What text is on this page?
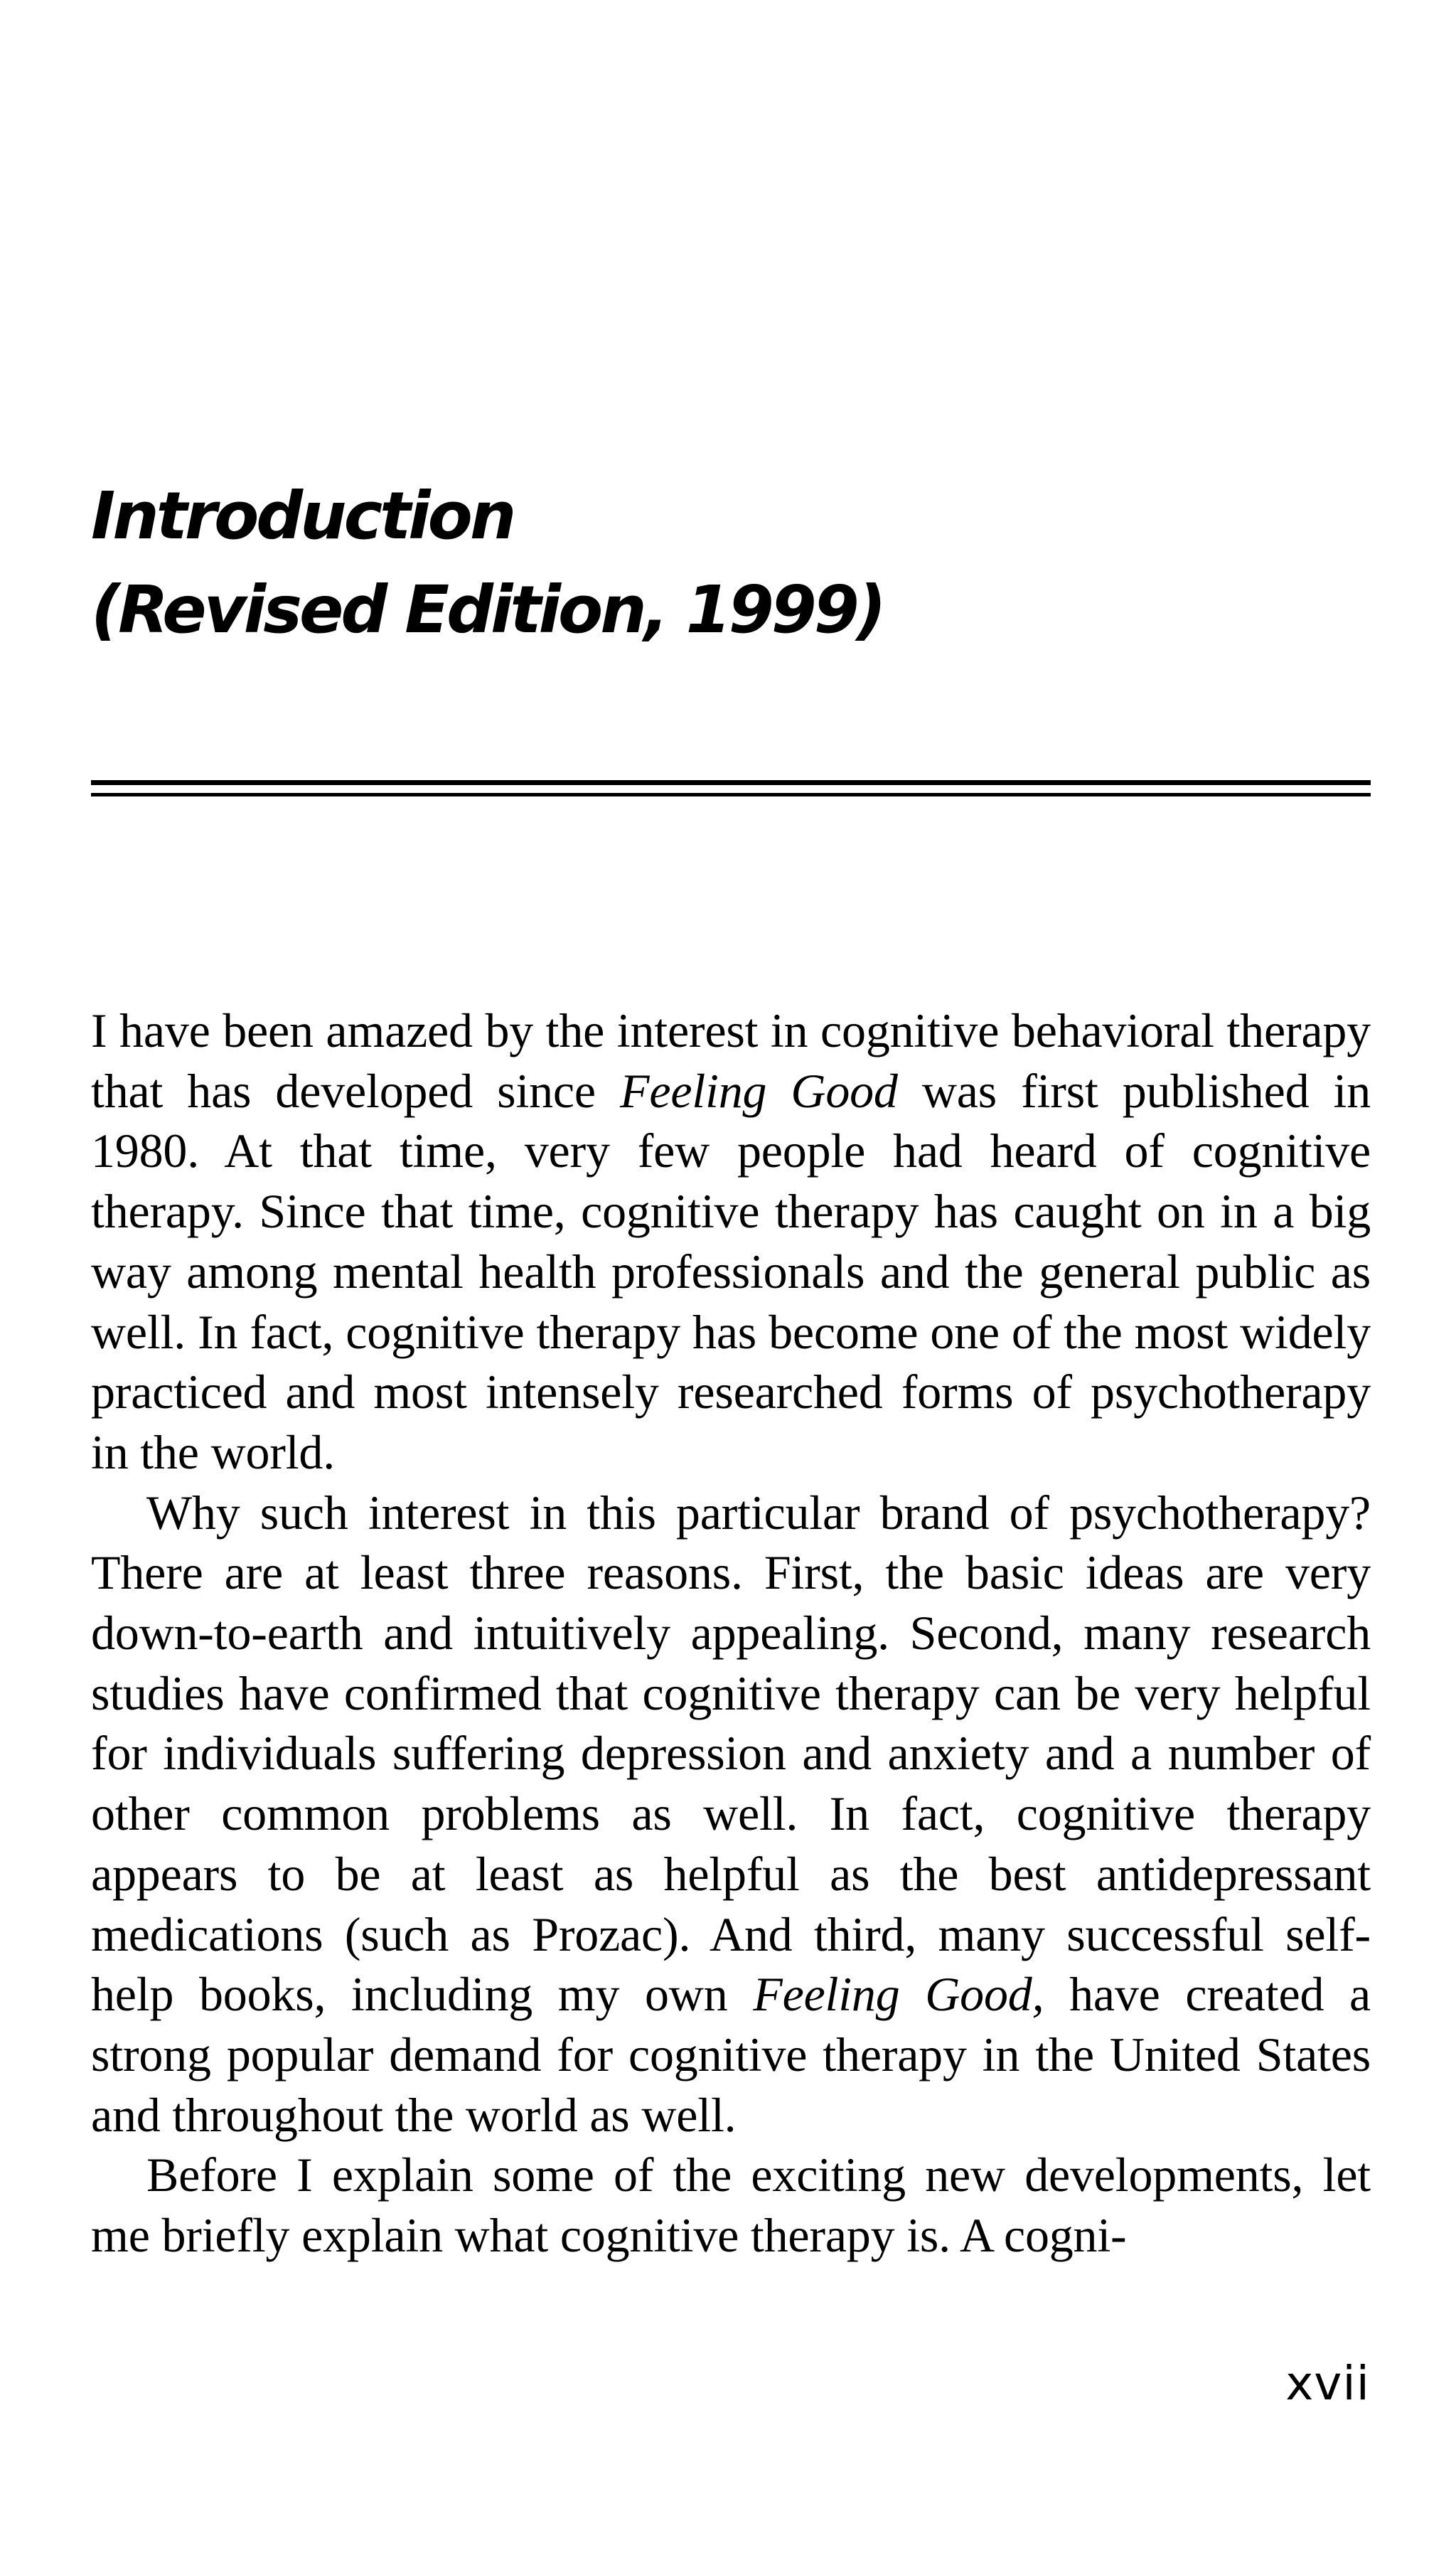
Introduction
(Revised Edition, 1999)

I have been amazed by the interest in cognitive behavioral therapy that has developed since Feeling Good was first published in 1980. At that time, very few people had heard of cognitive therapy. Since that time, cognitive therapy has caught on in a big way among mental health professionals and the general public as well. In fact, cognitive therapy has become one of the most widely practiced and most intensely researched forms of psychotherapy in the world.

Why such interest in this particular brand of psychotherapy? There are at least three reasons. First, the basic ideas are very down-to-earth and intuitively appealing. Second, many research studies have confirmed that cognitive therapy can be very helpful for individuals suffering depression and anxiety and a number of other common problems as well. In fact, cognitive therapy appears to be at least as helpful as the best antidepressant medications (such as Prozac). And third, many successful self-help books, including my own Feeling Good, have created a strong popular demand for cognitive therapy in the United States and throughout the world as well.

Before I explain some of the exciting new developments, let me briefly explain what cognitive therapy is. A cogni-

xvii
